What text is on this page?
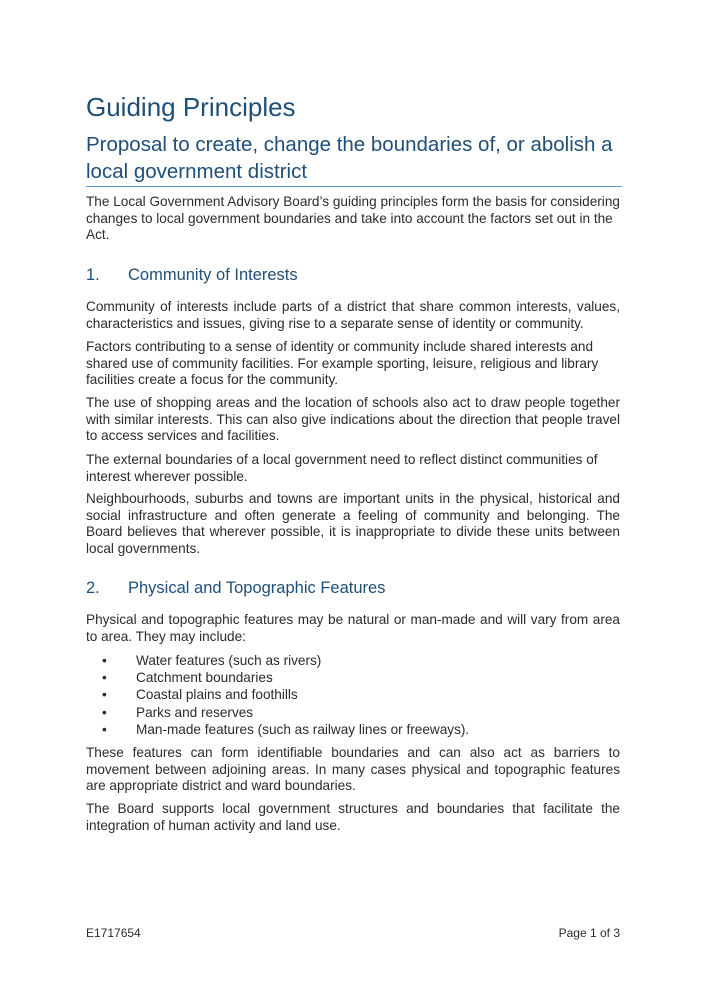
Guiding Principles
Proposal to create, change the boundaries of, or abolish a local government district

The Local Government Advisory Board’s guiding principles form the basis for considering changes to local government boundaries and take into account the factors set out in the Act.

1. Community of Interests

Community of interests include parts of a district that share common interests, values, characteristics and issues, giving rise to a separate sense of identity or community.

Factors contributing to a sense of identity or community include shared interests and shared use of community facilities. For example sporting, leisure, religious and library facilities create a focus for the community.

The use of shopping areas and the location of schools also act to draw people together with similar interests. This can also give indications about the direction that people travel to access services and facilities.

The external boundaries of a local government need to reflect distinct communities of interest wherever possible.

Neighbourhoods, suburbs and towns are important units in the physical, historical and social infrastructure and often generate a feeling of community and belonging. The Board believes that wherever possible, it is inappropriate to divide these units between local governments.

2. Physical and Topographic Features

Physical and topographic features may be natural or man-made and will vary from area to area. They may include:

• Water features (such as rivers)
• Catchment boundaries
• Coastal plains and foothills
• Parks and reserves
• Man-made features (such as railway lines or freeways).

These features can form identifiable boundaries and can also act as barriers to movement between adjoining areas. In many cases physical and topographic features are appropriate district and ward boundaries.

The Board supports local government structures and boundaries that facilitate the integration of human activity and land use.

E1717654	Page 1 of 3
